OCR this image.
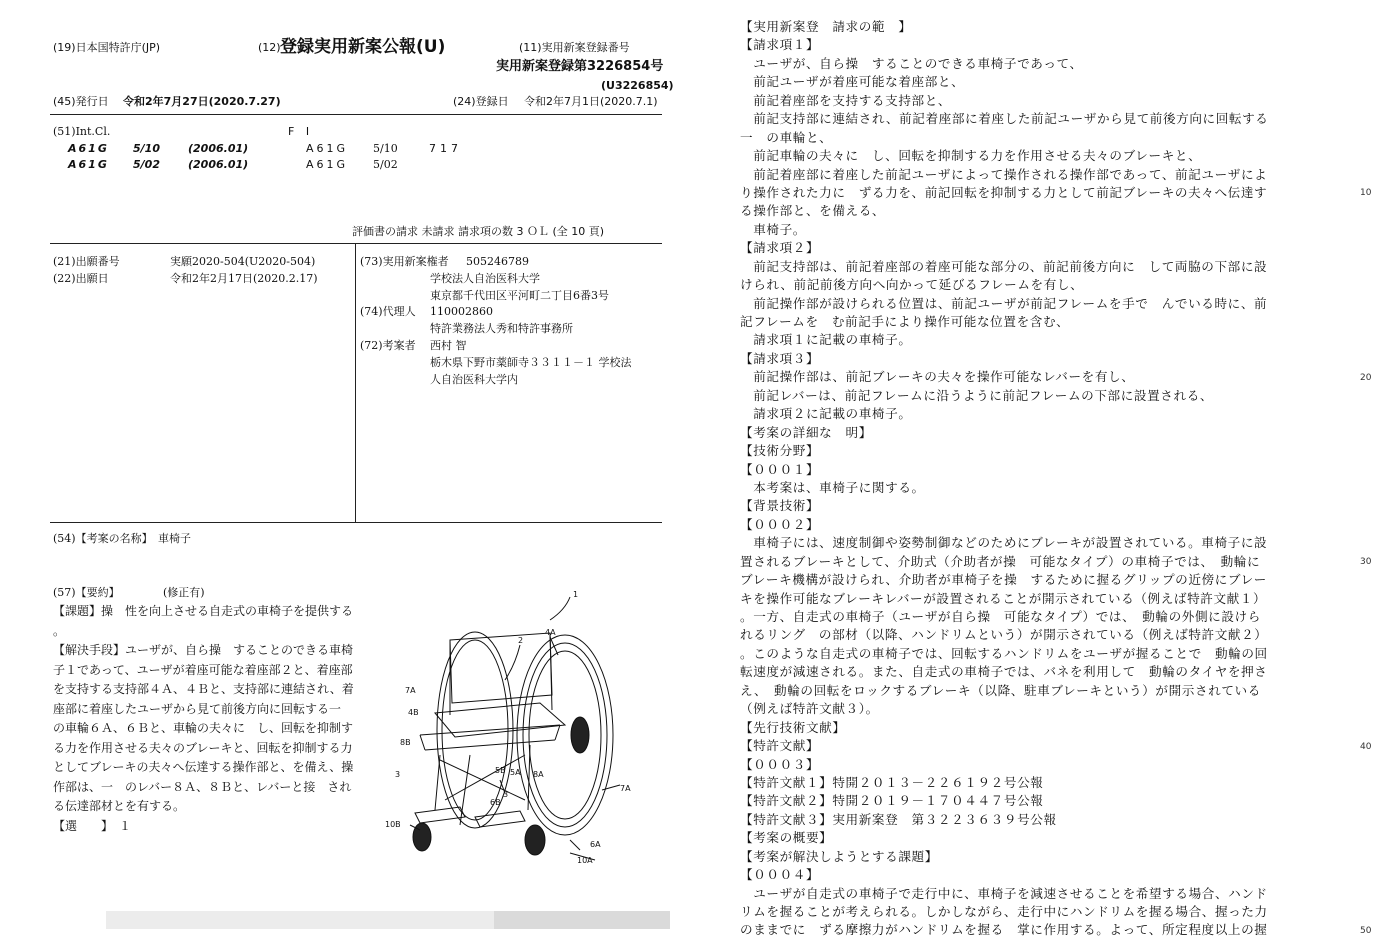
(19)日本国特許庁(JP)	(12) 登録実用新案公報(U)	(11)実用新案登録番号
実用新案登録第3226854号
(U3226854)
(45)発行日 令和2年7月27日(2020.7.27)	(24)登録日 令和2年7月1日(2020.7.1)
(51)Int.Cl.	F I
A61G 5/10	(2006.01)	A61G 5/10	717
A61G 5/02	(2006.01)	A61G 5/02
評価書の請求 未請求 請求項の数 3 ＯＬ (全 10 頁)
(21)出願番号	実願2020-504(U2020-504)
(22)出願日	令和2年2月17日(2020.2.17)
(73)実用新案権者 505246789
学校法人自治医科大学
東京都千代田区平河町二丁目6番3号
(74)代理人 110002860
特許業務法人秀和特許事務所
(72)考案者 西村 智
栃木県下野市薬師寺３３１１－１ 学校法
人自治医科大学内
(54)【考案の名称】 車椅子
(57)【要約】	(修正有)

【課題】操　性を向上させる自走式の車椅子を提供する
。

【解決手段】ユーザが、自ら操　することのできる車椅
子１であって、ユーザが着座可能な着座部２と、着座部
を支持する支持部４Ａ、４Ｂと、支持部に連結され、着
座部に着座したユーザから見て前後方向に回転する一
の車輪６Ａ、６Ｂと、車輪の夫々に　し、回転を抑制す
る力を作用させる夫々のブレーキと、回転を抑制する力
としてブレーキの夫々へ伝達する操作部と、を備え、操
作部は、一　のレバー８Ａ、８Ｂと、レバーと接　され
る伝達部材とを有する。

【選　　】　１

1
2
4A
7A
4B
8B
3	5B 5A 8A
3
6B
7A
10B
6A
10A
【実用新案登　請求の範　】
【請求項１】
　ユーザが、自ら操　することのできる車椅子であって、
　前記ユーザが着座可能な着座部と、
　前記着座部を支持する支持部と、
　前記支持部に連結され、前記着座部に着座した前記ユーザから見て前後方向に回転する
一　の車輪と、
　前記車輪の夫々に　し、回転を抑制する力を作用させる夫々のブレーキと、
　前記着座部に着座した前記ユーザによって操作される操作部であって、前記ユーザによ
り操作された力に　ずる力を、前記回転を抑制する力として前記ブレーキの夫々へ伝達す
る操作部と、を備える、
　車椅子。
【請求項２】
　前記支持部は、前記着座部の着座可能な部分の、前記前後方向に　して両脇の下部に設
けられ、前記前後方向へ向かって延びるフレームを有し、
　前記操作部が設けられる位置は、前記ユーザが前記フレームを手で　んでいる時に、前
記フレームを　む前記手により操作可能な位置を含む、
　請求項１に記載の車椅子。
【請求項３】
　前記操作部は、前記ブレーキの夫々を操作可能なレバーを有し、
　前記レバーは、前記フレームに沿うように前記フレームの下部に設置される、
　請求項２に記載の車椅子。
【考案の詳細な　明】
【技術分野】
【０００１】
　本考案は、車椅子に関する。
【背景技術】
【０００２】
　車椅子には、速度制御や姿勢制御などのためにブレーキが設置されている。車椅子に設
置されるブレーキとして、介助式（介助者が操　可能なタイプ）の車椅子では、　動輪に
ブレーキ機構が設けられ、介助者が車椅子を操　するために握るグリップの近傍にブレー
キを操作可能なブレーキレバーが設置されることが開示されている（例えば特許文献１）
。一方、自走式の車椅子（ユーザが自ら操　可能なタイプ）では、　動輪の外側に設けら
れるリング　の部材（以降、ハンドリムという）が開示されている（例えば特許文献２）
。このような自走式の車椅子では、回転するハンドリムをユーザが握ることで　動輪の回
転速度が減速される。また、自走式の車椅子では、バネを利用して　動輪のタイヤを押さ
え、　動輪の回転をロックするブレーキ（以降、駐車ブレーキという）が開示されている
（例えば特許文献３）。
【先行技術文献】
【特許文献】
【０００３】
【特許文献１】特開２０１３－２２６１９２号公報
【特許文献２】特開２０１９－１７０４４７号公報
【特許文献３】実用新案登　第３２２３６３９号公報
【考案の概要】
【考案が解決しようとする課題】
【０００４】
　ユーザが自走式の車椅子で走行中に、車椅子を減速させることを希望する場合、ハンド
リムを握ることが考えられる。しかしながら、走行中にハンドリムを握る場合、握った力
のままでに　ずる摩擦力がハンドリムを握る　掌に作用する。よって、所定程度以上の握
10
20
30
40
50
